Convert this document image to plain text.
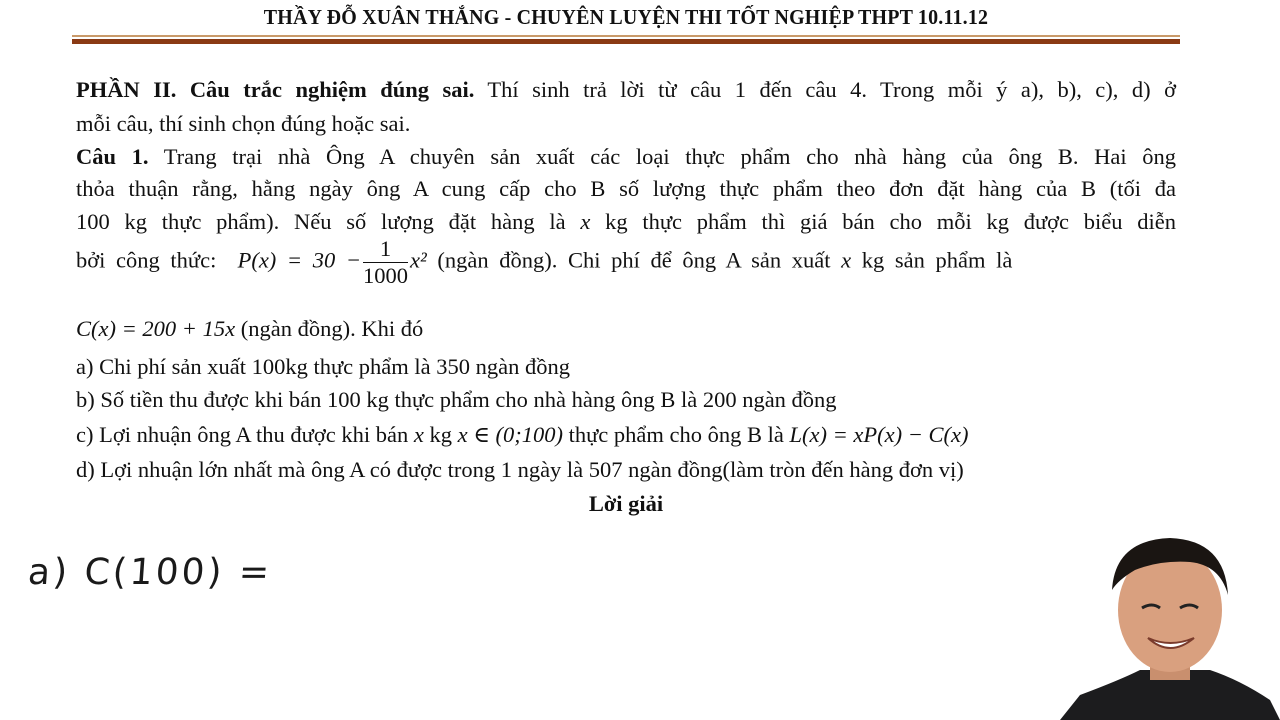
THẦY ĐỖ XUÂN THẮNG - CHUYÊN LUYỆN THI TỐT NGHIỆP THPT 10.11.12
PHẦN II. Câu trắc nghiệm đúng sai. Thí sinh trả lời từ câu 1 đến câu 4. Trong mỗi ý a), b), c), d) ở
mỗi câu, thí sinh chọn đúng hoặc sai.
Câu 1. Trang trại nhà Ông A chuyên sản xuất các loại thực phẩm cho nhà hàng của ông B. Hai ông
thỏa thuận rằng, hằng ngày ông A cung cấp cho B số lượng thực phẩm theo đơn đặt hàng của B (tối đa
100 kg thực phẩm). Nếu số lượng đặt hàng là x kg thực phẩm thì giá bán cho mỗi kg được biểu diễn
bởi công thức:  $P(x) = 30 - \frac{1}{1000} x^2$ (ngàn đồng). Chi phí để ông A sản xuất x kg sản phẩm là
C(x) = 200 + 15x (ngàn đồng). Khi đó
a) Chi phí sản xuất 100kg thực phẩm là 350 ngàn đồng
b) Số tiền thu được khi bán 100 kg thực phẩm cho nhà hàng ông B là 200 ngàn đồng
c) Lợi nhuận ông A thu được khi bán x kg x ∈ (0;100) thực phẩm cho ông B là L(x) = xP(x) − C(x)
d) Lợi nhuận lớn nhất mà ông A có được trong 1 ngày là 507 ngàn đồng(làm tròn đến hàng đơn vị)
Lời giải
a) C(100) =
